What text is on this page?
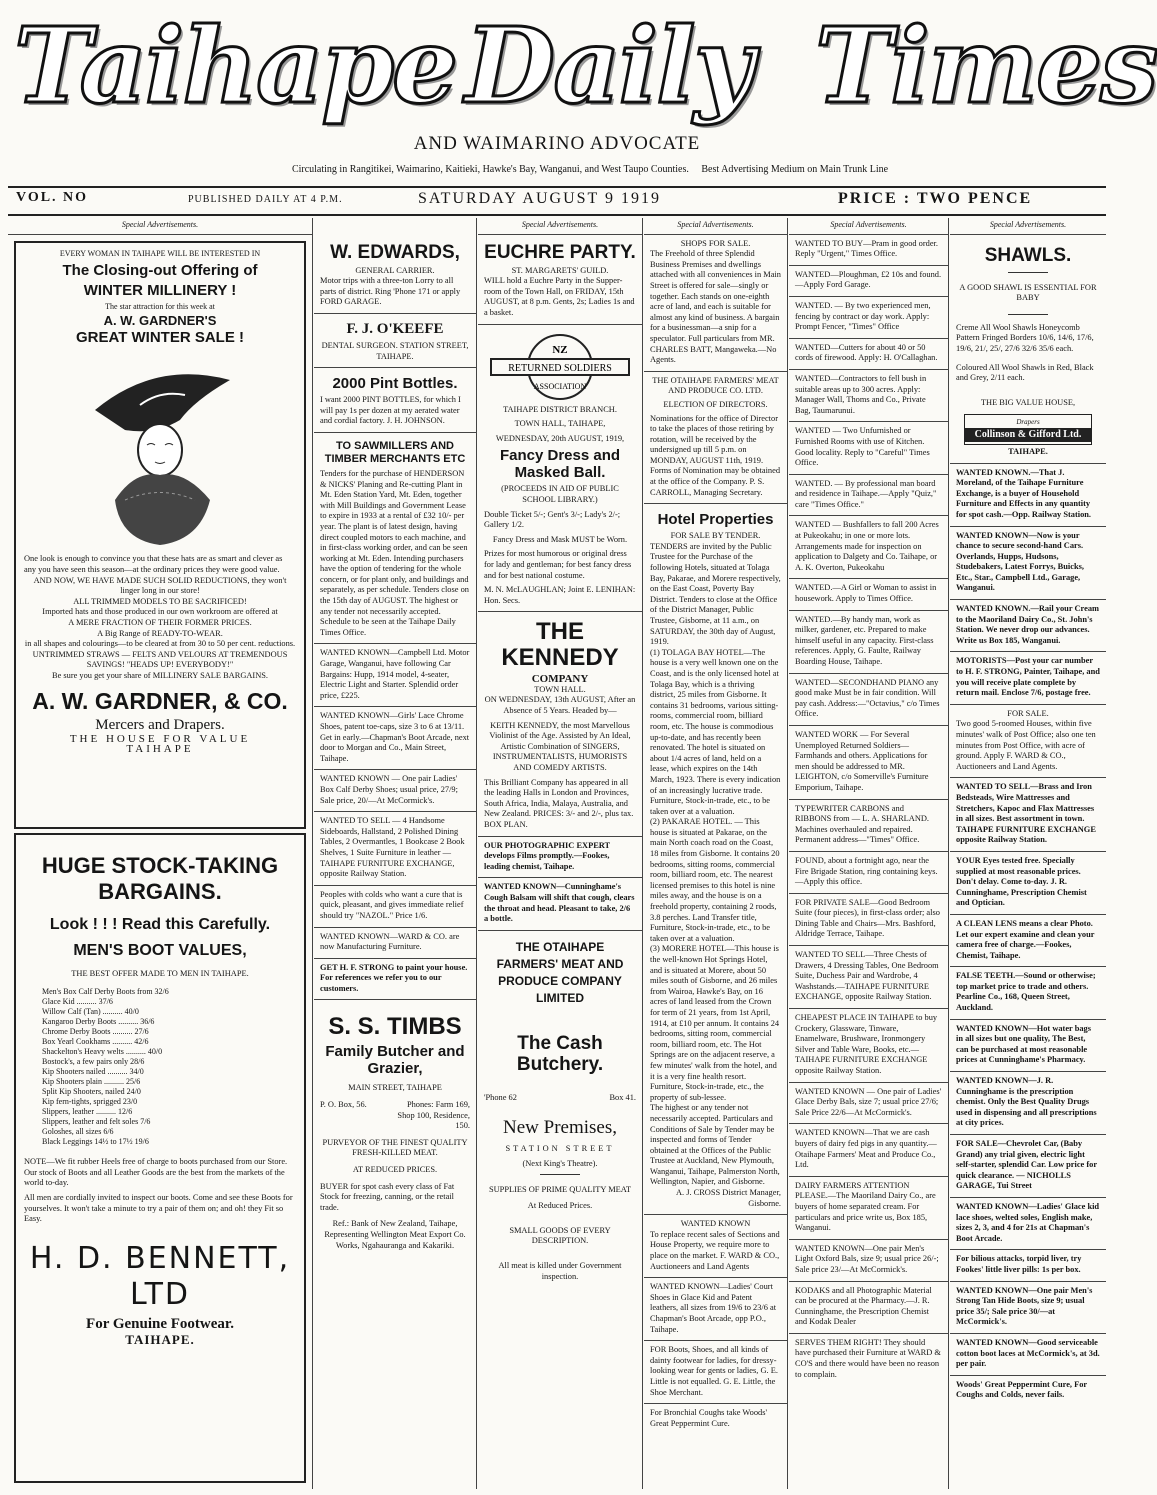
Taihape Daily Times
AND WAIMARINO ADVOCATE
Circulating in Rangitikei, Waimarino, Kaitieki, Hawke's Bay, Wanganui, and West Taupo Counties. Best Advertising Medium on Main Trunk Line
VOL. NO	PUBLISHED DAILY AT 4 P.M.	SATURDAY AUGUST 9 1919	PRICE : TWO PENCE
Special Advertisements.
EVERY WOMAN IN TAIHAPE WILL BE INTERESTED IN
The Closing-out Offering of
WINTER MILLINERY !
The star attraction for this week at
A. W. GARDNER'S
GREAT WINTER SALE !
One look is enough to convince you that these hats are as smart and clever as any you have seen this season—at the ordinary prices they were good value.
AND NOW, WE HAVE MADE SUCH SOLID REDUCTIONS, they won't linger long in our store!
ALL TRIMMED MODELS TO BE SACRIFICED!
Imported hats and those produced in our own workroom are offered at
A MERE FRACTION OF THEIR FORMER PRICES.
A Big Range of READY-TO-WEAR.
in all shapes and colourings—to be cleared at from 30 to 50 per cent. reductions.
UNTRIMMED STRAWS — FELTS AND VELOURS AT TREMENDOUS SAVINGS! "HEADS UP! EVERYBODY!"
Be sure you get your share of MILLINERY SALE BARGAINS.
A. W. GARDNER, & CO.
Mercers and Drapers.
THE HOUSE FOR VALUE
TAIHAPE
HUGE STOCK-TAKING BARGAINS.
Look ! ! ! Read this Carefully.
MEN'S BOOT VALUES,
THE BEST OFFER MADE TO MEN IN TAIHAPE.
Men's Box Calf Derby Boots from 32/6
Glace Kid .......... 37/6
Willow Calf (Tan) .......... 40/0
Kangaroo Derby Boots .......... 36/6
Chrome Derby Boots .......... 27/6
Box Yearl Cookhams .......... 42/6
Shackelton's Heavy welts .......... 40/0
Bostock's, a few pairs only 28/6
Kip Shooters nailed .......... 34/0
Kip Shooters plain .......... 25/6
Split Kip Shooters, nailed 24/0
Kip fern-tights, sprigged 23/0
Slippers, leather .......... 12/6
Slippers, leather and felt soles 7/6
Goloshes, all sizes 6/6
Black Leggings 14½ to 17½ 19/6
NOTE—We fit rubber Heels free of charge to boots purchased from our Store. Our stock of Boots and all Leather Goods are the best from the markets of the world to-day.
All men are cordially invited to inspect our boots. Come and see these Boots for yourselves. It won't take a minute to try a pair of them on; and oh! they Fit so Easy.
H. D. BENNETT, LTD
For Genuine Footwear.
TAIHAPE.
W. EDWARDS,
GENERAL CARRIER.
Motor trips with a three-ton Lorry to all parts of district. Ring 'Phone 171 or apply FORD GARAGE.
F. J. O'KEEFE
DENTAL SURGEON. STATION STREET, TAIHAPE.
2000 Pint Bottles.
I want 2000 PINT BOTTLES, for which I will pay 1s per dozen at my aerated water and cordial factory. J. H. JOHNSON.
TO SAWMILLERS AND TIMBER MERCHANTS ETC
Tenders for the purchase of HENDERSON & NICKS' Planing and Re-cutting Plant in Mt. Eden Station Yard, Mt. Eden, together with Mill Buildings and Government Lease to expire in 1933 at a rental of £32 10/- per year. The plant is of latest design, having direct coupled motors to each machine, and in first-class working order, and can be seen working at Mt. Eden. Intending purchasers have the option of tendering for the whole concern, or for plant only, and buildings and separately, as per schedule. Tenders close on the 15th day of AUGUST. The highest or any tender not necessarily accepted. Schedule to be seen at the Taihape Daily Times Office.
WANTED KNOWN—Campbell Ltd. Motor Garage, Wanganui, have following Car Bargains: Hupp, 1914 model, 4-seater, Electric Light and Starter. Splendid order price, £225.
WANTED KNOWN—Girls' Lace Chrome Shoes, patent toe-caps, size 3 to 6 at 13/11. Get in early.—Chapman's Boot Arcade, next door to Morgan and Co., Main Street, Taihape.
WANTED KNOWN — One pair Ladies' Box Calf Derby Shoes; usual price, 27/9; Sale price, 20/—At McCormick's.
WANTED TO SELL — 4 Handsome Sideboards, Hallstand, 2 Polished Dining Tables, 2 Overmantles, 1 Bookcase 2 Book Shelves, 1 Suite Furniture in leather — TAIHAPE FURNITURE EXCHANGE, opposite Railway Station.
Peoples with colds who want a cure that is quick, pleasant, and gives immediate relief should try "NAZOL." Price 1/6.
WANTED KNOWN—WARD & CO. are now Manufacturing Furniture.
GET H. F. STRONG to paint your house. For references we refer you to our customers.
S. S. TIMBS
Family Butcher and Grazier,
MAIN STREET, TAIHAPE
P. O. Box, 56.	Phones: Farm 169, Shop 100, Residence, 150.
PURVEYOR OF THE FINEST QUALITY FRESH-KILLED MEAT.
AT REDUCED PRICES.
BUYER for spot cash every class of Fat Stock for freezing, canning, or the retail trade.
Ref.: Bank of New Zealand, Taihape, Representing Wellington Meat Export Co. Works, Ngahauranga and Kakariki.
Special Advertisements.
EUCHRE PARTY.
ST. MARGARETS' GUILD.
WILL hold a Euchre Party in the Supper-room of the Town Hall, on FRIDAY, 15th AUGUST, at 8 p.m. Gents, 2s; Ladies 1s and a basket.
RETURNED SOLDIERS
NZ
ASSOCIATION
TAIHAPE DISTRICT BRANCH.
TOWN HALL, TAIHAPE,
WEDNESDAY, 20th AUGUST, 1919,
Fancy Dress and Masked Ball.
(PROCEEDS IN AID OF PUBLIC SCHOOL LIBRARY.)
Double Ticket 5/-; Gent's 3/-; Lady's 2/-; Gallery 1/2.
Fancy Dress and Mask MUST be Worn.
Prizes for most humorous or original dress for lady and gentleman; for best fancy dress and for best national costume.
M. N. McLAUGHLAN; Joint E. LENIHAN: Hon. Secs.
THE KENNEDY
COMPANY
TOWN HALL.
ON WEDNESDAY, 13th AUGUST, After an Absence of 5 Years. Headed by—
KEITH KENNEDY, the most Marvellous Violinist of the Age. Assisted by An Ideal, Artistic Combination of SINGERS, INSTRUMENTALISTS, HUMORISTS AND COMEDY ARTISTS.
This Brilliant Company has appeared in all the leading Halls in London and Provinces, South Africa, India, Malaya, Australia, and New Zealand. PRICES: 3/- and 2/-, plus tax. BOX PLAN.
OUR PHOTOGRAPHIC EXPERT develops Films promptly.—Fookes, leading chemist, Taihape.
WANTED KNOWN—Cunninghame's Cough Balsam will shift that cough, clears the throat and head. Pleasant to take, 2/6 a bottle.
THE OTAIHAPE FARMERS' MEAT AND PRODUCE COMPANY LIMITED
The Cash Butchery.
'Phone 62	Box 41.
New Premises,
STATION STREET
(Next King's Theatre).
SUPPLIES OF PRIME QUALITY MEAT
At Reduced Prices.
SMALL GOODS OF EVERY DESCRIPTION.
All meat is killed under Government inspection.
Special Advertisements.
SHOPS FOR SALE.
The Freehold of three Splendid Business Premises and dwellings attached with all conveniences in Main Street is offered for sale—singly or together. Each stands on one-eighth acre of land, and each is suitable for almost any kind of business. A bargain for a businessman—a snip for a speculator. Full particulars from MR. CHARLES BATT, Mangaweka.—No Agents.
THE OTAIHAPE FARMERS' MEAT AND PRODUCE CO. LTD.
ELECTION OF DIRECTORS.
Nominations for the office of Director to take the places of those retiring by rotation, will be received by the undersigned up till 5 p.m. on MONDAY, AUGUST 11th, 1919. Forms of Nomination may be obtained at the office of the Company. P. S. CARROLL, Managing Secretary.
Hotel Properties
FOR SALE BY TENDER.
TENDERS are invited by the Public Trustee for the Purchase of the following Hotels, situated at Tolaga Bay, Pakarae, and Morere respectively, on the East Coast, Poverty Bay District. Tenders to close at the Office of the District Manager, Public Trustee, Gisborne, at 11 a.m., on SATURDAY, the 30th day of August, 1919.
(1) TOLAGA BAY HOTEL—The house is a very well known one on the Coast, and is the only licensed hotel at Tolaga Bay, which is a thriving district, 25 miles from Gisborne. It contains 31 bedrooms, various sitting-rooms, commercial room, billiard room, etc. The house is commodious up-to-date, and has recently been renovated. The hotel is situated on about 1/4 acres of land, held on a lease, which expires on the 14th March, 1923. There is every indication of an increasingly lucrative trade. Furniture, Stock-in-trade, etc., to be taken over at a valuation.
(2) PAKARAE HOTEL. — This house is situated at Pakarae, on the main North coach road on the Coast, 18 miles from Gisborne. It contains 20 bedrooms, sitting rooms, commercial room, billiard room, etc. The nearest licensed premises to this hotel is nine miles away, and the house is on a freehold property, containing 2 roods, 3.8 perches. Land Transfer title, Furniture, Stock-in-trade, etc., to be taken over at a valuation.
(3) MORERE HOTEL—This house is the well-known Hot Springs Hotel, and is situated at Morere, about 50 miles south of Gisborne, and 26 miles from Wairoa, Hawke's Bay, on 16 acres of land leased from the Crown for term of 21 years, from 1st April, 1914, at £10 per annum. It contains 24 bedrooms, sitting room, commercial room, billiard room, etc. The Hot Springs are on the adjacent reserve, a few minutes' walk from the hotel, and it is a very fine health resort. Furniture, Stock-in-trade, etc., the property of sub-lessee.
The highest or any tender not necessarily accepted. Particulars and Conditions of Sale by Tender may be inspected and forms of Tender obtained at the Offices of the Public Trustee at Auckland, New Plymouth, Wanganui, Taihape, Palmerston North, Wellington, Napier, and Gisborne.
A. J. CROSS District Manager, Gisborne.
WANTED KNOWN
To replace recent sales of Sections and House Property, we require more to place on the market. F. WARD & CO., Auctioneers and Land Agents
WANTED KNOWN—Ladies' Court Shoes in Glace Kid and Patent leathers, all sizes from 19/6 to 23/6 at Chapman's Boot Arcade, opp P.O., Taihape.
FOR Boots, Shoes, and all kinds of dainty footwear for ladies, for dressy-looking wear for gents or ladies, G. E. Little is not equalled. G. E. Little, the Shoe Merchant.
For Bronchial Coughs take Woods' Great Peppermint Cure.
Special Advertisements.
WANTED TO BUY—Pram in good order. Reply "Urgent," Times Office.
WANTED—Ploughman, £2 10s and found.—Apply Ford Garage.
WANTED. — By two experienced men, fencing by contract or day work. Apply: Prompt Fencer, "Times" Office
WANTED—Cutters for about 40 or 50 cords of firewood. Apply: H. O'Callaghan.
WANTED—Contractors to fell bush in suitable areas up to 300 acres. Apply: Manager Wall, Thoms and Co., Private Bag, Taumarunui.
WANTED — Two Unfurnished or Furnished Rooms with use of Kitchen. Good locality. Reply to "Careful" Times Office.
WANTED. — By professional man board and residence in Taihape.—Apply "Quiz," care "Times Office."
WANTED — Bushfallers to fall 200 Acres at Pukeokahu; in one or more lots. Arrangements made for inspection on application to Dalgety and Co. Taihape, or A. K. Overton, Pukeokahu
WANTED.—A Girl or Woman to assist in housework. Apply to Times Office.
WANTED.—By handy man, work as milker, gardener, etc. Prepared to make himself useful in any capacity. First-class references. Apply, G. Faulte, Railway Boarding House, Taihape.
WANTED—SECONDHAND PIANO any good make Must be in fair condition. Will pay cash. Address:—"Octavius," c/o Times Office.
WANTED WORK — For Several Unemployed Returned Soldiers—Farmhands and others. Applications for men should be addressed to MR. LEIGHTON, c/o Somerville's Furniture Emporium, Taihape.
TYPEWRITER CARBONS and RIBBONS from — L. A. SHARLAND. Machines overhauled and repaired. Permanent address—"Times" Office.
FOUND, about a fortnight ago, near the Fire Brigade Station, ring containing keys.—Apply this office.
FOR PRIVATE SALE—Good Bedroom Suite (four pieces), in first-class order; also Dining Table and Chairs—Mrs. Bashford, Aldridge Terrace, Taihape.
WANTED TO SELL—Three Chests of Drawers, 4 Dressing Tables, One Bedroom Suite, Duchess Pair and Wardrobe, 4 Washstands.—TAIHAPE FURNITURE EXCHANGE, opposite Railway Station.
CHEAPEST PLACE IN TAIHAPE to buy Crockery, Glassware, Tinware, Enamelware, Brushware, Ironmongery Silver and Table Ware, Books, etc.—TAIHAPE FURNITURE EXCHANGE opposite Railway Station.
WANTED KNOWN — One pair of Ladies' Glace Derby Bals, size 7; usual price 27/6; Sale Price 22/6—At McCormick's.
WANTED KNOWN—That we are cash buyers of dairy fed pigs in any quantity.—Otaihape Farmers' Meat and Produce Co., Ltd.
DAIRY FARMERS ATTENTION PLEASE.—The Maoriland Dairy Co., are buyers of home separated cream. For particulars and price write us, Box 185, Wanganui.
WANTED KNOWN—One pair Men's Light Oxford Bals, size 9; usual price 26/-; Sale price 23/—At McCormick's.
KODAKS and all Photographic Material can be procured at the Pharmacy.—J. R. Cunninghame, the Prescription Chemist and Kodak Dealer
SERVES THEM RIGHT! They should have purchased their Furniture at WARD & CO'S and there would have been no reason to complain.
Special Advertisements.
SHAWLS.
A GOOD SHAWL IS ESSENTIAL FOR BABY
Creme All Wool Shawls Honeycomb Pattern Fringed Borders 10/6, 14/6, 17/6, 19/6, 21/, 25/, 27/6 32/6 35/6 each.
Coloured All Wool Shawls in Red, Black and Grey, 2/11 each.
THE BIG VALUE HOUSE,
Drapers
Collinson & Gifford Ltd.
TAIHAPE.
WANTED KNOWN.—That J. Moreland, of the Taihape Furniture Exchange, is a buyer of Household Furniture and Effects in any quantity for spot cash.—Opp. Railway Station.
WANTED KNOWN—Now is your chance to secure second-hand Cars. Overlands, Hupps, Hudsons, Studebakers, Latest Forrys, Buicks, Etc., Star., Campbell Ltd., Garage, Wanganui.
WANTED KNOWN.—Rail your Cream to the Maoriland Dairy Co., St. John's Station. We never drop our advances. Write us Box 185, Wanganui.
MOTORISTS—Post your car number to H. F. STRONG, Painter, Taihape, and you will receive plate complete by return mail. Enclose 7/6, postage free.
FOR SALE.
Two good 5-roomed Houses, within five minutes' walk of Post Office; also one ten minutes from Post Office, with acre of ground. Apply F. WARD & CO., Auctioneers and Land Agents.
WANTED TO SELL—Brass and Iron Bedsteads, Wire Mattresses and Stretchers, Kapoc and Flax Mattresses in all sizes. Best assortment in town. TAIHAPE FURNITURE EXCHANGE opposite Railway Station.
YOUR Eyes tested free. Specially supplied at most reasonable prices. Don't delay. Come to-day. J. R. Cunninghame, Prescription Chemist and Optician.
A CLEAN LENS means a clear Photo. Let our expert examine and clean your camera free of charge.—Fookes, Chemist, Taihape.
FALSE TEETH.—Sound or otherwise; top market price to trade and others. Pearline Co., 168, Queen Street, Auckland.
WANTED KNOWN—Hot water bags in all sizes but one quality, The Best, can be purchased at most reasonable prices at Cunninghame's Pharmacy.
WANTED KNOWN—J. R. Cunninghame is the prescription chemist. Only the Best Quality Drugs used in dispensing and all prescriptions at city prices.
FOR SALE—Chevrolet Car, (Baby Grand) any trial given, electric light self-starter, splendid Car. Low price for quick clearance. — NICHOLLS GARAGE, Tui Street
WANTED KNOWN—Ladies' Glace kid lace shoes, welted soles, English make, sizes 2, 3, and 4 for 21s at Chapman's Boot Arcade.
For bilious attacks, torpid liver, try Fookes' little liver pills: 1s per box.
WANTED KNOWN—One pair Men's Strong Tan Hide Boots, size 9; usual price 35/; Sale price 30/—at McCormick's.
WANTED KNOWN—Good serviceable cotton boot laces at McCormick's, at 3d. per pair.
Woods' Great Peppermint Cure, For Coughs and Colds, never fails.
